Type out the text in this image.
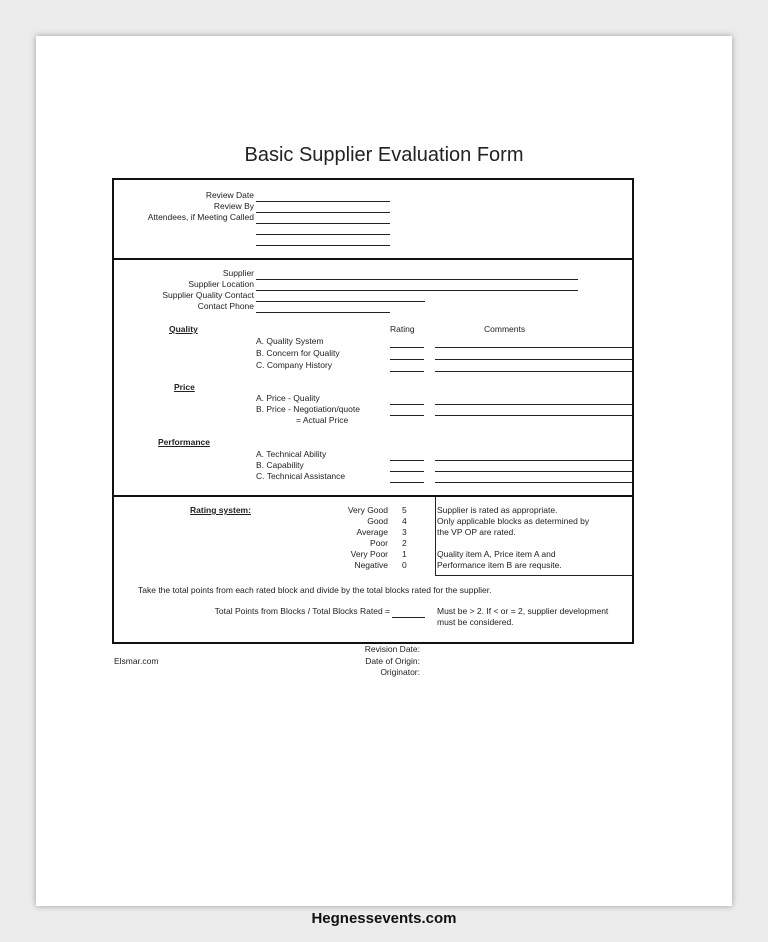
Basic Supplier Evaluation Form
Review Date
Review By
Attendees, if Meeting Called
Supplier
Supplier Location
Supplier Quality Contact
Contact Phone
Rating	Comments
Quality
A. Quality System
B. Concern for Quality
C. Company History
Price
A. Price - Quality
B. Price - Negotiation/quote
= Actual Price
Performance
A. Technical Ability
B. Capability
C. Technical Assistance
Rating system:	Very Good 5
Good 4
Average 3
Poor 2
Very Poor 1
Negative 0
Supplier is rated as appropriate.
Only applicable blocks as determined by
the VP OP are rated.
Quality item A, Price item A and
Performance item B are requsite.
Take the total points from each rated block and divide by the total blocks rated for the supplier.
Total Points from Blocks / Total Blocks Rated =	Must be > 2. If < or = 2, supplier development
must be considered.
Elsmar.com
Revision Date:
Date of Origin:
Originator:
Hegnessevents.com
